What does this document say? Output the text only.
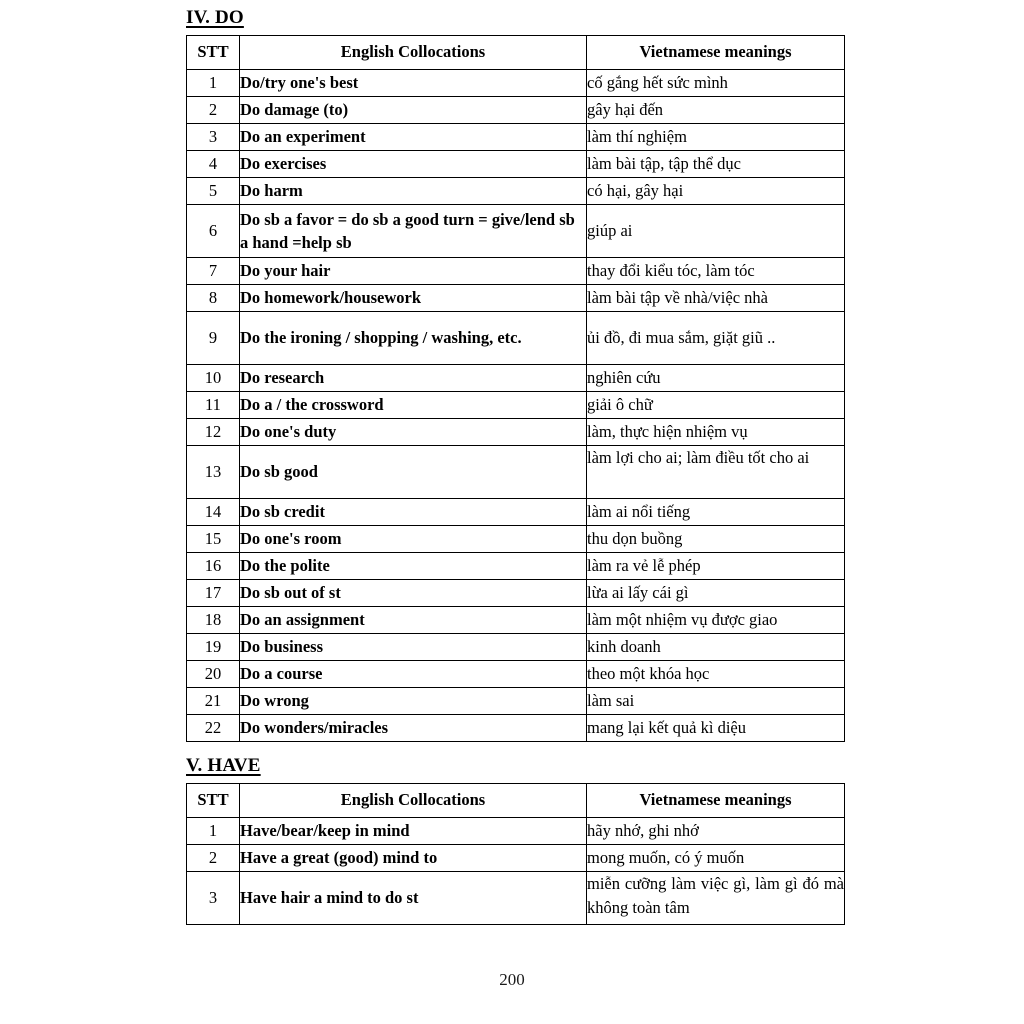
IV. DO
STT	English Collocations	Vietnamese meanings
1	Do/try one's best	cố gắng hết sức mình
2	Do damage (to)	gây hại đến
3	Do an experiment	làm thí nghiệm
4	Do exercises	làm bài tập, tập thể dục
5	Do harm	có hại, gây hại
6	Do sb a favor = do sb a good turn = give/lend sb a hand =help sb	giúp ai
7	Do your hair	thay đổi kiểu tóc, làm tóc
8	Do homework/housework	làm bài tập về nhà/việc nhà
9	Do the ironing / shopping / washing, etc.	ủi đồ, đi mua sắm, giặt giũ ..
10	Do research	nghiên cứu
11	Do a / the crossword	giải ô chữ
12	Do one's duty	làm, thực hiện nhiệm vụ
13	Do sb good	làm lợi cho ai; làm điều tốt cho ai
14	Do sb credit	làm ai nổi tiếng
15	Do one's room	thu dọn buồng
16	Do the polite	làm ra vẻ lễ phép
17	Do sb out of st	lừa ai lấy cái gì
18	Do an assignment	làm một nhiệm vụ được giao
19	Do business	kinh doanh
20	Do a course	theo một khóa học
21	Do wrong	làm sai
22	Do wonders/miracles	mang lại kết quả kì diệu
V. HAVE
STT	English Collocations	Vietnamese meanings
1	Have/bear/keep in mind	hãy nhớ, ghi nhớ
2	Have a great (good) mind to	mong muốn, có ý muốn
3	Have hair a mind to do st	miễn cưỡng làm việc gì, làm gì đó mà không toàn tâm
200
